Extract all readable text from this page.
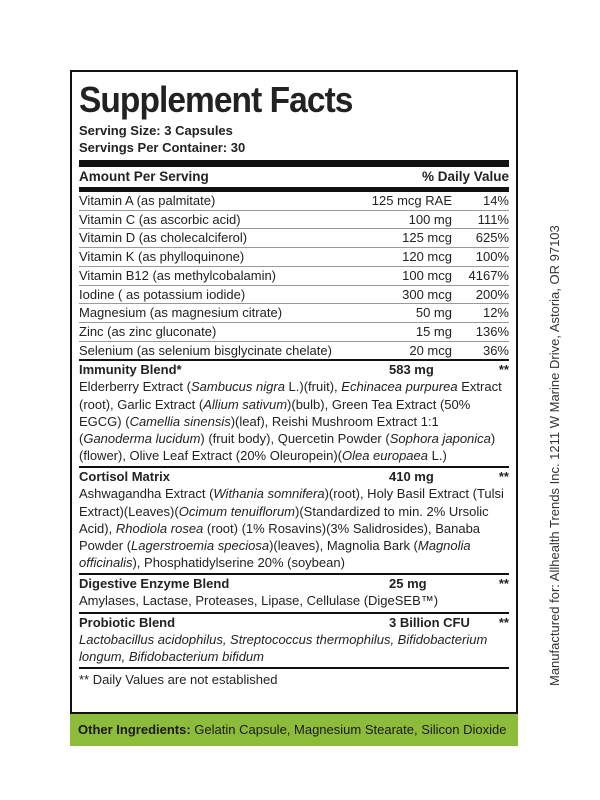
Supplement Facts
Serving Size: 3 Capsules
Servings Per Container: 30
Amount Per Serving	% Daily Value
Vitamin A (as palmitate)	125 mcg RAE	14%
Vitamin C (as ascorbic acid)	100 mg	111%
Vitamin D (as cholecalciferol)	125 mcg	625%
Vitamin K (as phylloquinone)	120 mcg	100%
Vitamin B12 (as methylcobalamin)	100 mcg	4167%
Iodine ( as potassium iodide)	300 mcg	200%
Magnesium (as magnesium citrate)	50 mg	12%
Zinc (as zinc gluconate)	15 mg	136%
Selenium (as selenium bisglycinate chelate)	20 mcg	36%
Immunity Blend*	583 mg	**
Elderberry Extract (Sambucus nigra L.)(fruit), Echinacea purpurea Extract (root), Garlic Extract (Allium sativum)(bulb), Green Tea Extract (50% EGCG) (Camellia sinensis)(leaf), Reishi Mushroom Extract 1:1 (Ganoderma lucidum) (fruit body), Quercetin Powder (Sophora japonica)(flower), Olive Leaf Extract (20% Oleuropein)(Olea europaea L.)
Cortisol Matrix	410 mg	**
Ashwagandha Extract (Withania somnifera)(root), Holy Basil Extract (Tulsi Extract)(Leaves)(Ocimum tenuiflorum)(Standardized to min. 2% Ursolic Acid), Rhodiola rosea (root) (1% Rosavins)(3% Salidrosides), Banaba Powder (Lagerstroemia speciosa)(leaves), Magnolia Bark (Magnolia officinalis), Phosphatidylserine 20% (soybean)
Digestive Enzyme Blend	25 mg	**
Amylases, Lactase, Proteases, Lipase, Cellulase (DigeSEB™)
Probiotic Blend	3 Billion CFU	**
Lactobacillus acidophilus, Streptococcus thermophilus, Bifidobacterium longum, Bifidobacterium bifidum
** Daily Values are not established
Other Ingredients: Gelatin Capsule, Magnesium Stearate, Silicon Dioxide
Manufactured for: Allhealth Trends Inc. 1211 W Marine Drive, Astoria, OR 97103
